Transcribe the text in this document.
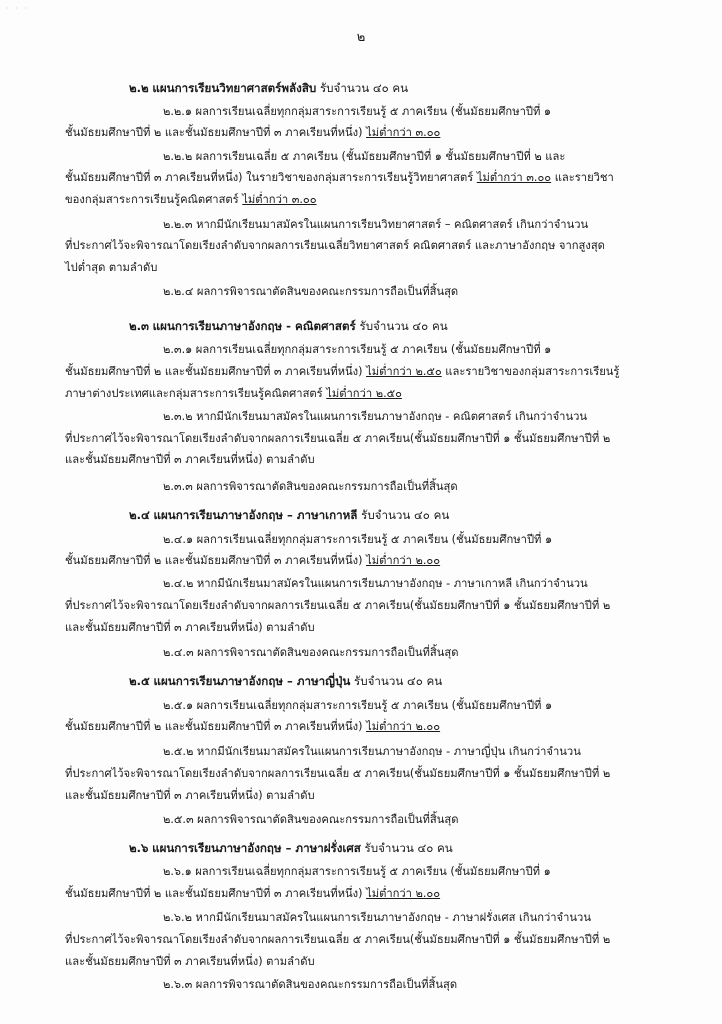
· · ·
๒
๒.๒ แผนการเรียนวิทยาศาสตร์พลังสิบ รับจำนวน ๔๐ คน
๒.๒.๑ ผลการเรียนเฉลี่ยทุกกลุ่มสาระการเรียนรู้ ๕ ภาคเรียน (ชั้นมัธยมศึกษาปีที่ ๑
ชั้นมัธยมศึกษาปีที่ ๒ และชั้นมัธยมศึกษาปีที่ ๓ ภาคเรียนที่หนึ่ง) ไม่ต่ำกว่า ๓.๐๐
๒.๒.๒ ผลการเรียนเฉลี่ย ๕ ภาคเรียน (ชั้นมัธยมศึกษาปีที่ ๑ ชั้นมัธยมศึกษาปีที่ ๒ และ
ชั้นมัธยมศึกษาปีที่ ๓ ภาคเรียนที่หนึ่ง) ในรายวิชาของกลุ่มสาระการเรียนรู้วิทยาศาสตร์ ไม่ต่ำกว่า ๓.๐๐ และรายวิชา
ของกลุ่มสาระการเรียนรู้คณิตศาสตร์ ไม่ต่ำกว่า ๓.๐๐
๒.๒.๓ หากมีนักเรียนมาสมัครในแผนการเรียนวิทยาศาสตร์ – คณิตศาสตร์ เกินกว่าจำนวน
ที่ประกาศไว้จะพิจารณาโดยเรียงลำดับจากผลการเรียนเฉลี่ยวิทยาศาสตร์ คณิตศาสตร์ และภาษาอังกฤษ จากสูงสุด
ไปต่ำสุด ตามลำดับ
๒.๒.๔ ผลการพิจารณาตัดสินของคณะกรรมการถือเป็นที่สิ้นสุด
๒.๓ แผนการเรียนภาษาอังกฤษ - คณิตศาสตร์ รับจำนวน ๔๐ คน
๒.๓.๑ ผลการเรียนเฉลี่ยทุกกลุ่มสาระการเรียนรู้ ๕ ภาคเรียน (ชั้นมัธยมศึกษาปีที่ ๑
ชั้นมัธยมศึกษาปีที่ ๒ และชั้นมัธยมศึกษาปีที่ ๓ ภาคเรียนที่หนึ่ง) ไม่ต่ำกว่า ๒.๕๐ และรายวิชาของกลุ่มสาระการเรียนรู้
ภาษาต่างประเทศและกลุ่มสาระการเรียนรู้คณิตศาสตร์ ไม่ต่ำกว่า ๒.๕๐
๒.๓.๒ หากมีนักเรียนมาสมัครในแผนการเรียนภาษาอังกฤษ - คณิตศาสตร์ เกินกว่าจำนวน
ที่ประกาศไว้จะพิจารณาโดยเรียงลำดับจากผลการเรียนเฉลี่ย ๕ ภาคเรียน(ชั้นมัธยมศึกษาปีที่ ๑ ชั้นมัธยมศึกษาปีที่ ๒
และชั้นมัธยมศึกษาปีที่ ๓ ภาคเรียนที่หนึ่ง) ตามลำดับ
๒.๓.๓ ผลการพิจารณาตัดสินของคณะกรรมการถือเป็นที่สิ้นสุด
๒.๔ แผนการเรียนภาษาอังกฤษ – ภาษาเกาหลี รับจำนวน ๔๐ คน
๒.๔.๑ ผลการเรียนเฉลี่ยทุกกลุ่มสาระการเรียนรู้ ๕ ภาคเรียน (ชั้นมัธยมศึกษาปีที่ ๑
ชั้นมัธยมศึกษาปีที่ ๒ และชั้นมัธยมศึกษาปีที่ ๓ ภาคเรียนที่หนึ่ง) ไม่ต่ำกว่า ๒.๐๐
๒.๔.๒ หากมีนักเรียนมาสมัครในแผนการเรียนภาษาอังกฤษ - ภาษาเกาหลี เกินกว่าจำนวน
ที่ประกาศไว้จะพิจารณาโดยเรียงลำดับจากผลการเรียนเฉลี่ย ๕ ภาคเรียน(ชั้นมัธยมศึกษาปีที่ ๑ ชั้นมัธยมศึกษาปีที่ ๒
และชั้นมัธยมศึกษาปีที่ ๓ ภาคเรียนที่หนึ่ง) ตามลำดับ
๒.๔.๓ ผลการพิจารณาตัดสินของคณะกรรมการถือเป็นที่สิ้นสุด
๒.๕ แผนการเรียนภาษาอังกฤษ – ภาษาญี่ปุ่น รับจำนวน ๔๐ คน
๒.๕.๑ ผลการเรียนเฉลี่ยทุกกลุ่มสาระการเรียนรู้ ๕ ภาคเรียน (ชั้นมัธยมศึกษาปีที่ ๑
ชั้นมัธยมศึกษาปีที่ ๒ และชั้นมัธยมศึกษาปีที่ ๓ ภาคเรียนที่หนึ่ง) ไม่ต่ำกว่า ๒.๐๐
๒.๕.๒ หากมีนักเรียนมาสมัครในแผนการเรียนภาษาอังกฤษ - ภาษาญี่ปุ่น เกินกว่าจำนวน
ที่ประกาศไว้จะพิจารณาโดยเรียงลำดับจากผลการเรียนเฉลี่ย ๕ ภาคเรียน(ชั้นมัธยมศึกษาปีที่ ๑ ชั้นมัธยมศึกษาปีที่ ๒
และชั้นมัธยมศึกษาปีที่ ๓ ภาคเรียนที่หนึ่ง) ตามลำดับ
๒.๕.๓ ผลการพิจารณาตัดสินของคณะกรรมการถือเป็นที่สิ้นสุด
๒.๖ แผนการเรียนภาษาอังกฤษ – ภาษาฝรั่งเศส รับจำนวน ๔๐ คน
๒.๖.๑ ผลการเรียนเฉลี่ยทุกกลุ่มสาระการเรียนรู้ ๕ ภาคเรียน (ชั้นมัธยมศึกษาปีที่ ๑
ชั้นมัธยมศึกษาปีที่ ๒ และชั้นมัธยมศึกษาปีที่ ๓ ภาคเรียนที่หนึ่ง) ไม่ต่ำกว่า ๒.๐๐
๒.๖.๒ หากมีนักเรียนมาสมัครในแผนการเรียนภาษาอังกฤษ - ภาษาฝรั่งเศส เกินกว่าจำนวน
ที่ประกาศไว้จะพิจารณาโดยเรียงลำดับจากผลการเรียนเฉลี่ย ๕ ภาคเรียน(ชั้นมัธยมศึกษาปีที่ ๑ ชั้นมัธยมศึกษาปีที่ ๒
และชั้นมัธยมศึกษาปีที่ ๓ ภาคเรียนที่หนึ่ง) ตามลำดับ
๒.๖.๓ ผลการพิจารณาตัดสินของคณะกรรมการถือเป็นที่สิ้นสุด
